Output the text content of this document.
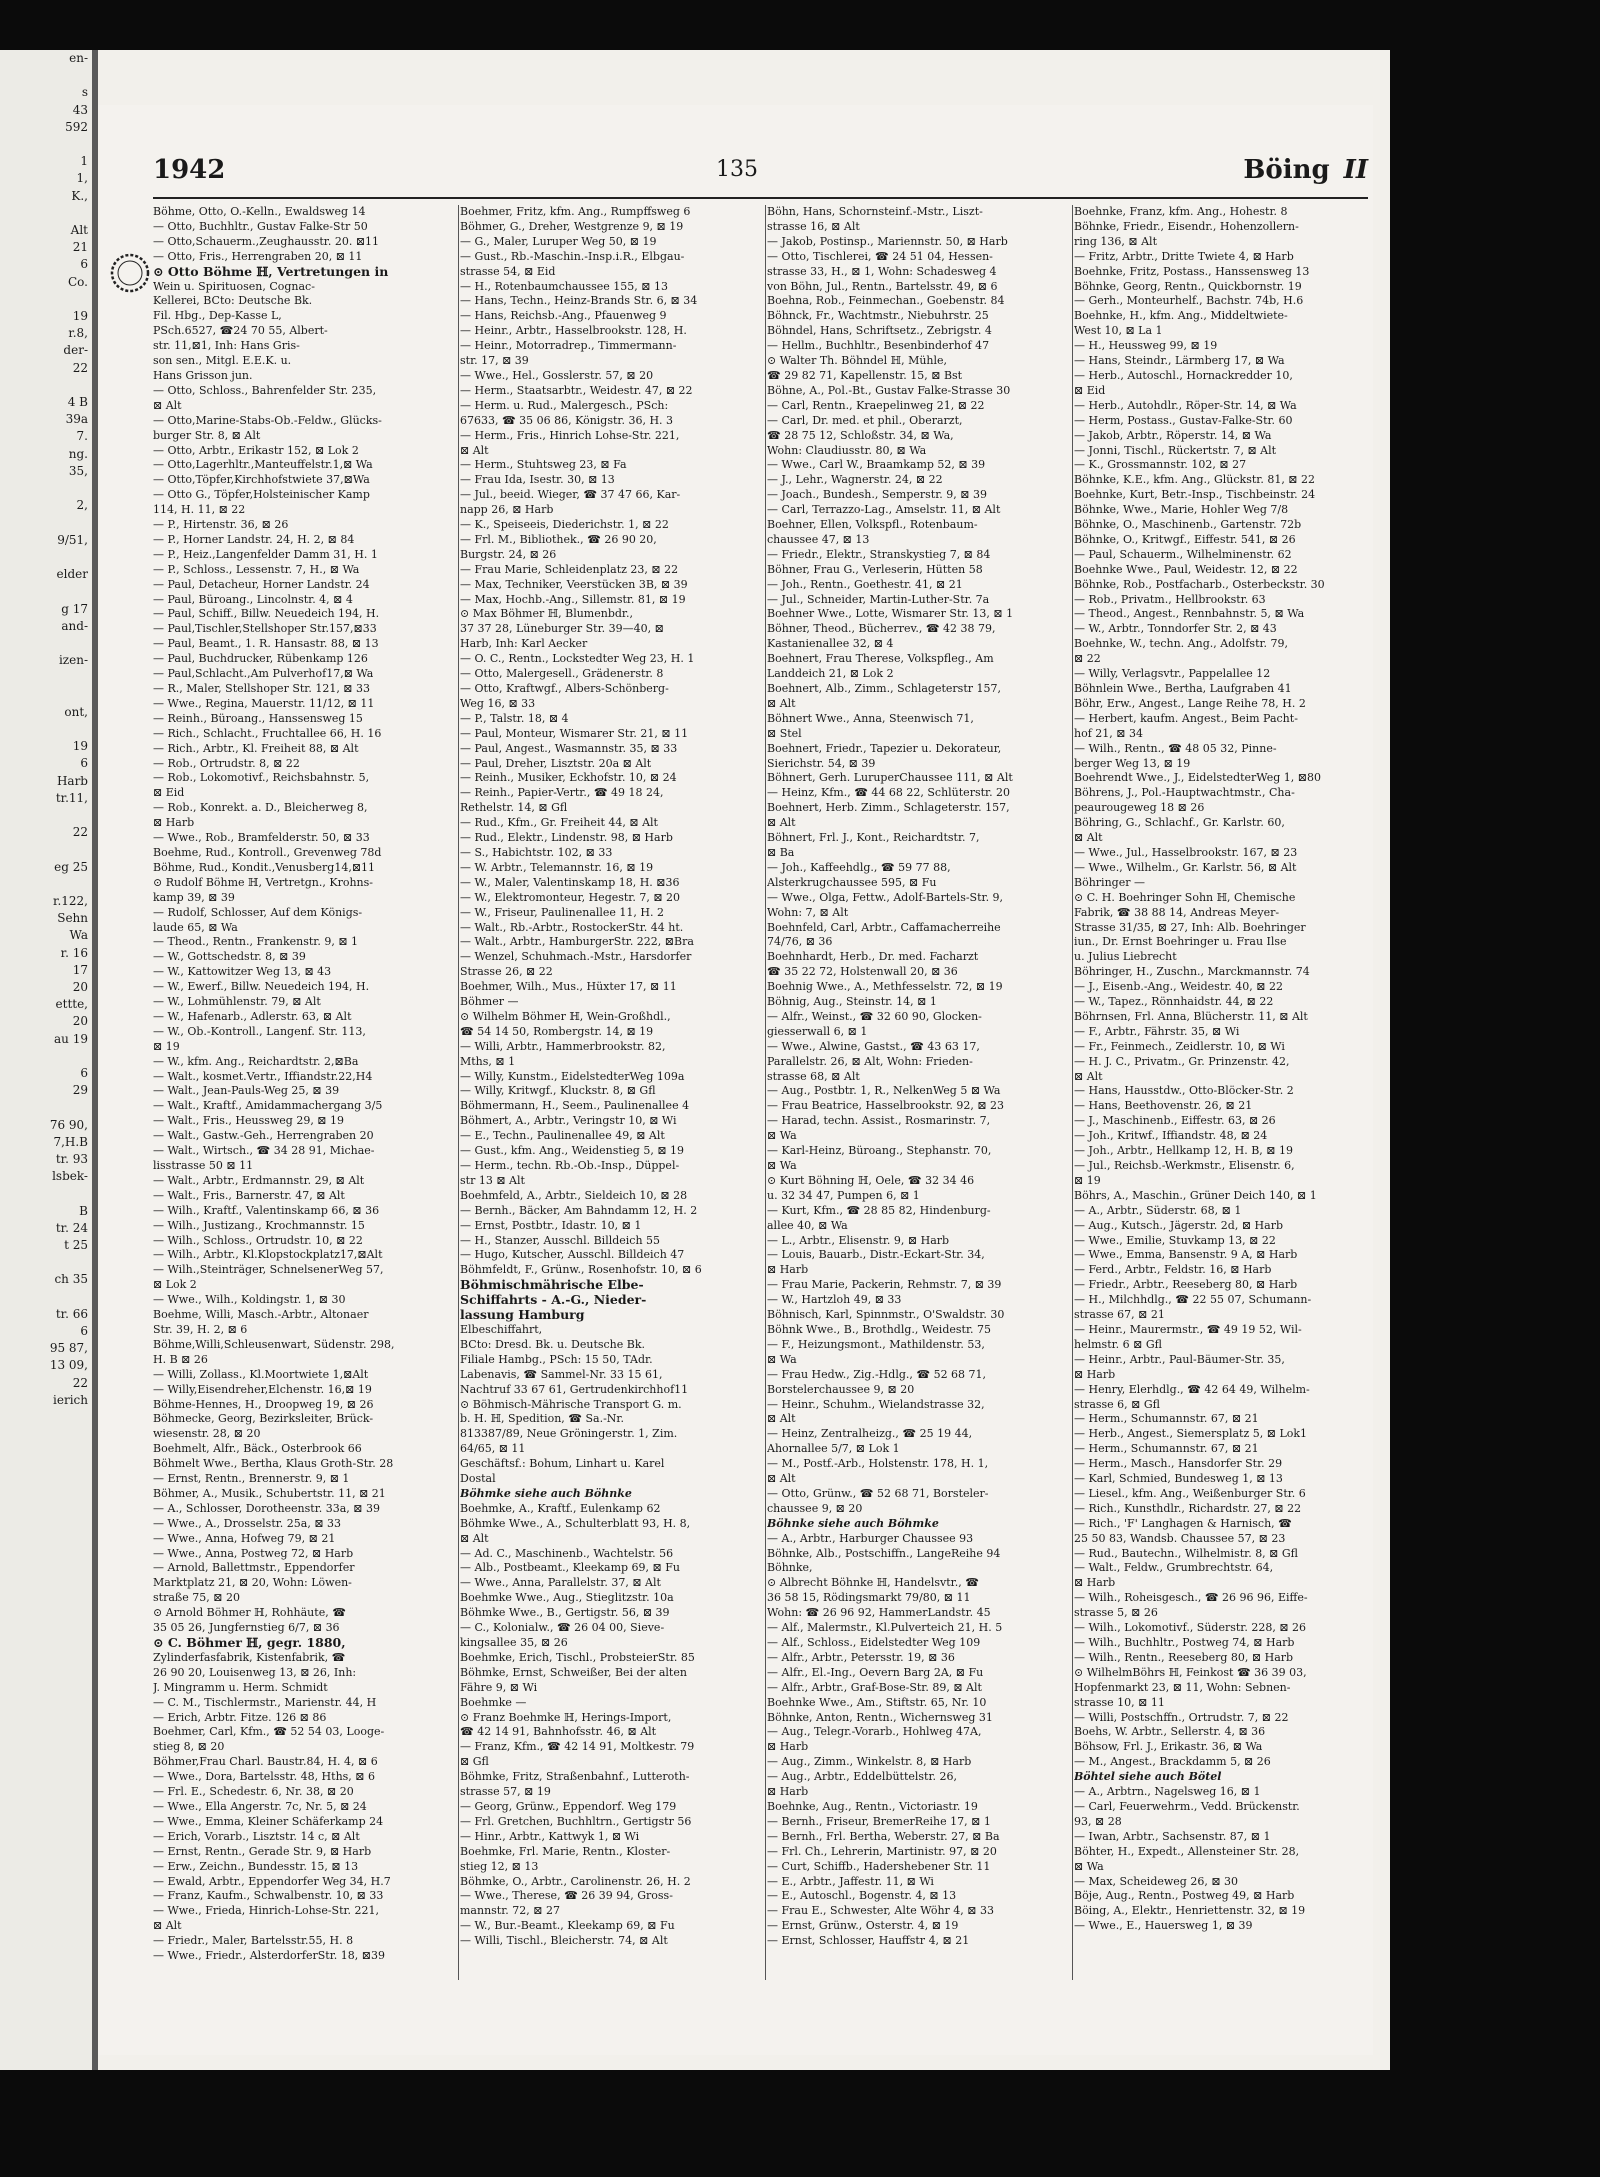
en-

s
43
592

1
1,
K.,

Alt
21
6
Co.

19
r.8,
der-
22

4 B
39a
7.
ng.
35,

2,

9/51,

elder

g 17
and-

izen-

ont,

19
6
Harb
tr.11,

22

eg 25

r.122,
Sehn
Wa
r. 16
17
20
ettte,
20
au 19

6
29

76 90,
7,H.B
tr. 93
lsbek-

B
tr. 24
t 25

ch 35

tr. 66
6
95 87,
13 09,
22
ierich
1942	135	Böing II
Böhme, Otto, O.-Kelln., Ewaldsweg 14
— Otto, Buchhltr., Gustav Falke-Str 50
— Otto,Schauerm.,Zeughausstr. 20. ⊠11
— Otto, Fris., Herrengraben 20, ⊠ 11
⊙ Otto Böhme ℍ, Vertretungen in
Wein u. Spirituosen, Cognac-
Kellerei, BCto: Deutsche Bk.
Fil. Hbg., Dep-Kasse L,
PSch.6527, ☎24 70 55, Albert-
str. 11,⊠1, Inh: Hans Gris-
son sen., Mitgl. E.E.K. u.
Hans Grisson jun.
— Otto, Schloss., Bahrenfelder Str. 235,
⊠ Alt
— Otto,Marine-Stabs-Ob.-Feldw., Glücks-
burger Str. 8, ⊠ Alt
— Otto, Arbtr., Erikastr 152, ⊠ Lok 2
— Otto,Lagerhltr.,Manteuffelstr.1,⊠ Wa
— Otto,Töpfer,Kirchhofstwiete 37,⊠Wa
— Otto G., Töpfer,Holsteinischer Kamp
114, H. 11, ⊠ 22
— P., Hirtenstr. 36, ⊠ 26
— P., Horner Landstr. 24, H. 2, ⊠ 84
— P., Heiz.,Langenfelder Damm 31, H. 1
— P., Schloss., Lessenstr. 7, H., ⊠ Wa
— Paul, Detacheur, Horner Landstr. 24
— Paul, Büroang., Lincolnstr. 4, ⊠ 4
— Paul, Schiff., Billw. Neuedeich 194, H.
— Paul,Tischler,Stellshoper Str.157,⊠33
— Paul, Beamt., 1. R. Hansastr. 88, ⊠ 13
— Paul, Buchdrucker, Rübenkamp 126
— Paul,Schlacht.,Am Pulverhof17,⊠ Wa
— R., Maler, Stellshoper Str. 121, ⊠ 33
— Wwe., Regina, Mauerstr. 11/12, ⊠ 11
— Reinh., Büroang., Hanssensweg 15
— Rich., Schlacht., Fruchtallee 66, H. 16
— Rich., Arbtr., Kl. Freiheit 88, ⊠ Alt
— Rob., Ortrudstr. 8, ⊠ 22
— Rob., Lokomotivf., Reichsbahnstr. 5,
⊠ Eid
— Rob., Konrekt. a. D., Bleicherweg 8,
⊠ Harb
— Wwe., Rob., Bramfelderstr. 50, ⊠ 33
Boehme, Rud., Kontroll., Grevenweg 78d
Böhme, Rud., Kondit.,Venusberg14,⊠11
⊙ Rudolf Böhme ℍ, Vertretgn., Krohns-
kamp 39, ⊠ 39
— Rudolf, Schlosser, Auf dem Königs-
laude 65, ⊠ Wa
— Theod., Rentn., Frankenstr. 9, ⊠ 1
— W., Gottschedstr. 8, ⊠ 39
— W., Kattowitzer Weg 13, ⊠ 43
— W., Ewerf., Billw. Neuedeich 194, H.
— W., Lohmühlenstr. 79, ⊠ Alt
— W., Hafenarb., Adlerstr. 63, ⊠ Alt
— W., Ob.-Kontroll., Langenf. Str. 113,
⊠ 19
— W., kfm. Ang., Reichardtstr. 2,⊠Ba
— Walt., kosmet.Vertr., Iffiandstr.22,H4
— Walt., Jean-Pauls-Weg 25, ⊠ 39
— Walt., Kraftf., Amidammachergang 3/5
— Walt., Fris., Heussweg 29, ⊠ 19
— Walt., Gastw.-Geh., Herrengraben 20
— Walt., Wirtsch., ☎ 34 28 91, Michae-
lisstrasse 50 ⊠ 11
— Walt., Arbtr., Erdmannstr. 29, ⊠ Alt
— Walt., Fris., Barnerstr. 47, ⊠ Alt
— Wilh., Kraftf., Valentinskamp 66, ⊠ 36
— Wilh., Justizang., Krochmannstr. 15
— Wilh., Schloss., Ortrudstr. 10, ⊠ 22
— Wilh., Arbtr., Kl.Klopstockplatz17,⊠Alt
— Wilh.,Steinträger, SchnelsenerWeg 57,
⊠ Lok 2
— Wwe., Wilh., Koldingstr. 1, ⊠ 30
Boehme, Willi, Masch.-Arbtr., Altonaer
Str. 39, H. 2, ⊠ 6
Böhme,Willi,Schleusenwart, Südenstr. 298,
H. B ⊠ 26
— Willi, Zollass., Kl.Moortwiete 1,⊠Alt
— Willy,Eisendreher,Elchenstr. 16,⊠ 19
Böhme-Hennes, H., Droopweg 19, ⊠ 26
Böhmecke, Georg, Bezirksleiter, Brück-
wiesenstr. 28, ⊠ 20
Boehmelt, Alfr., Bäck., Osterbrook 66
Böhmelt Wwe., Bertha, Klaus Groth-Str. 28
— Ernst, Rentn., Brennerstr. 9, ⊠ 1
Böhmer, A., Musik., Schubertstr. 11, ⊠ 21
— A., Schlosser, Dorotheenstr. 33a, ⊠ 39
— Wwe., A., Drosselstr. 25a, ⊠ 33
— Wwe., Anna, Hofweg 79, ⊠ 21
— Wwe., Anna, Postweg 72, ⊠ Harb
— Arnold, Ballettmstr., Eppendorfer
Marktplatz 21, ⊠ 20, Wohn: Löwen-
straße 75, ⊠ 20
⊙ Arnold Böhmer ℍ, Rohhäute, ☎
35 05 26, Jungfernstieg 6/7, ⊠ 36
⊙ C. Böhmer ℍ, gegr. 1880,
Zylinderfasfabrik, Kistenfabrik, ☎
26 90 20, Louisenweg 13, ⊠ 26, Inh:
J. Mingramm u. Herm. Schmidt
— C. M., Tischlermstr., Marienstr. 44, H
— Erich, Arbtr. Fitze. 126 ⊠ 86
Boehmer, Carl, Kfm., ☎ 52 54 03, Looge-
stieg 8, ⊠ 20
Böhmer,Frau Charl. Baustr.84, H. 4, ⊠ 6
— Wwe., Dora, Bartelsstr. 48, Hths, ⊠ 6
— Frl. E., Schedestr. 6, Nr. 38, ⊠ 20
— Wwe., Ella Angerstr. 7c, Nr. 5, ⊠ 24
— Wwe., Emma, Kleiner Schäferkamp 24
— Erich, Vorarb., Lisztstr. 14 c, ⊠ Alt
— Ernst, Rentn., Gerade Str. 9, ⊠ Harb
— Erw., Zeichn., Bundesstr. 15, ⊠ 13
— Ewald, Arbtr., Eppendorfer Weg 34, H.7
— Franz, Kaufm., Schwalbenstr. 10, ⊠ 33
— Wwe., Frieda, Hinrich-Lohse-Str. 221,
⊠ Alt
— Friedr., Maler, Bartelsstr.55, H. 8
— Wwe., Friedr., AlsterdorferStr. 18, ⊠39
Boehmer, Fritz, kfm. Ang., Rumpffsweg 6
Böhmer, G., Dreher, Westgrenze 9, ⊠ 19
— G., Maler, Luruper Weg 50, ⊠ 19
— Gust., Rb.-Maschin.-Insp.i.R., Elbgau-
strasse 54, ⊠ Eid
— H., Rotenbaumchaussee 155, ⊠ 13
— Hans, Techn., Heinz-Brands Str. 6, ⊠ 34
— Hans, Reichsb.-Ang., Pfauenweg 9
— Heinr., Arbtr., Hasselbrookstr. 128, H.
— Heinr., Motorradrep., Timmermann-
str. 17, ⊠ 39
— Wwe., Hel., Gosslerstr. 57, ⊠ 20
— Herm., Staatsarbtr., Weidestr. 47, ⊠ 22
— Herm. u. Rud., Malergesch., PSch:
67633, ☎ 35 06 86, Königstr. 36, H. 3
— Herm., Fris., Hinrich Lohse-Str. 221,
⊠ Alt
— Herm., Stuhtsweg 23, ⊠ Fa
— Frau Ida, Isestr. 30, ⊠ 13
— Jul., beeid. Wieger, ☎ 37 47 66, Kar-
napp 26, ⊠ Harb
— K., Speiseeis, Diederichstr. 1, ⊠ 22
— Frl. M., Bibliothek., ☎ 26 90 20,
Burgstr. 24, ⊠ 26
— Frau Marie, Schleidenplatz 23, ⊠ 22
— Max, Techniker, Veerstücken 3B, ⊠ 39
— Max, Hochb.-Ang., Sillemstr. 81, ⊠ 19
⊙ Max Böhmer ℍ, Blumenbdr.,
37 37 28, Lüneburger Str. 39—40, ⊠
Harb, Inh: Karl Aecker
— O. C., Rentn., Lockstedter Weg 23, H. 1
— Otto, Malergesell., Grädenerstr. 8
— Otto, Kraftwgf., Albers-Schönberg-
Weg 16, ⊠ 33
— P., Talstr. 18, ⊠ 4
— Paul, Monteur, Wismarer Str. 21, ⊠ 11
— Paul, Angest., Wasmannstr. 35, ⊠ 33
— Paul, Dreher, Lisztstr. 20a ⊠ Alt
— Reinh., Musiker, Eckhofstr. 10, ⊠ 24
— Reinh., Papier-Vertr., ☎ 49 18 24,
Rethelstr. 14, ⊠ Gfl
— Rud., Kfm., Gr. Freiheit 44, ⊠ Alt
— Rud., Elektr., Lindenstr. 98, ⊠ Harb
— S., Habichtstr. 102, ⊠ 33
— W. Arbtr., Telemannstr. 16, ⊠ 19
— W., Maler, Valentinskamp 18, H. ⊠36
— W., Elektromonteur, Hegestr. 7, ⊠ 20
— W., Friseur, Paulinenallee 11, H. 2
— Walt., Rb.-Arbtr., RostockerStr. 44 ht.
— Walt., Arbtr., HamburgerStr. 222, ⊠Bra
— Wenzel, Schuhmach.-Mstr., Harsdorfer
Strasse 26, ⊠ 22
Boehmer, Wilh., Mus., Hüxter 17, ⊠ 11
Böhmer —
⊙ Wilhelm Böhmer ℍ, Wein-Großhdl.,
☎ 54 14 50, Rombergstr. 14, ⊠ 19
— Willi, Arbtr., Hammerbrookstr. 82,
Mths, ⊠ 1
— Willy, Kunstm., EidelstedterWeg 109a
— Willy, Kritwgf., Kluckstr. 8, ⊠ Gfl
Böhmermann, H., Seem., Paulinenallee 4
Böhmert, A., Arbtr., Veringstr 10, ⊠ Wi
— E., Techn., Paulinenallee 49, ⊠ Alt
— Gust., kfm. Ang., Weidenstieg 5, ⊠ 19
— Herm., techn. Rb.-Ob.-Insp., Düppel-
str 13 ⊠ Alt
Boehmfeld, A., Arbtr., Sieldeich 10, ⊠ 28
— Bernh., Bäcker, Am Bahndamm 12, H. 2
— Ernst, Postbtr., Idastr. 10, ⊠ 1
— H., Stanzer, Ausschl. Billdeich 55
— Hugo, Kutscher, Ausschl. Billdeich 47
Böhmfeldt, F., Grünw., Rosenhofstr. 10, ⊠ 6
Böhmischmährische Elbe-
Schiffahrts - A.-G., Nieder-
lassung Hamburg
Elbeschiffahrt,
BCto: Dresd. Bk. u. Deutsche Bk.
Filiale Hambg., PSch: 15 50, TAdr.
Labenavis, ☎ Sammel-Nr. 33 15 61,
Nachtruf 33 67 61, Gertrudenkirchhof11
⊙ Böhmisch-Mährische Transport G. m.
b. H. ℍ, Spedition, ☎ Sa.-Nr.
813387/89, Neue Gröningerstr. 1, Zim.
64/65, ⊠ 11
Geschäftsf.: Bohum, Linhart u. Karel
Dostal
Böhmke siehe auch Böhnke
Boehmke, A., Kraftf., Eulenkamp 62
Böhmke Wwe., A., Schulterblatt 93, H. 8,
⊠ Alt
— Ad. C., Maschinenb., Wachtelstr. 56
— Alb., Postbeamt., Kleekamp 69, ⊠ Fu
— Wwe., Anna, Parallelstr. 37, ⊠ Alt
Boehmke Wwe., Aug., Stieglitzstr. 10a
Böhmke Wwe., B., Gertigstr. 56, ⊠ 39
— C., Kolonialw., ☎ 26 04 00, Sieve-
kingsallee 35, ⊠ 26
Boehmke, Erich, Tischl., ProbsteierStr. 85
Böhmke, Ernst, Schweißer, Bei der alten
Fähre 9, ⊠ Wi
Boehmke —
⊙ Franz Boehmke ℍ, Herings-Import,
☎ 42 14 91, Bahnhofsstr. 46, ⊠ Alt
— Franz, Kfm., ☎ 42 14 91, Moltkestr. 79
⊠ Gfl
Böhmke, Fritz, Straßenbahnf., Lutteroth-
strasse 57, ⊠ 19
— Georg, Grünw., Eppendorf. Weg 179
— Frl. Gretchen, Buchhltrn., Gertigstr 56
— Hinr., Arbtr., Kattwyk 1, ⊠ Wi
Boehmke, Frl. Marie, Rentn., Kloster-
stieg 12, ⊠ 13
Böhmke, O., Arbtr., Carolinenstr. 26, H. 2
— Wwe., Therese, ☎ 26 39 94, Gross-
mannstr. 72, ⊠ 27
— W., Bur.-Beamt., Kleekamp 69, ⊠ Fu
— Willi, Tischl., Bleicherstr. 74, ⊠ Alt
Böhn, Hans, Schornsteinf.-Mstr., Liszt-
strasse 16, ⊠ Alt
— Jakob, Postinsp., Mariennstr. 50, ⊠ Harb
— Otto, Tischlerei, ☎ 24 51 04, Hessen-
strasse 33, H., ⊠ 1, Wohn: Schadesweg 4
von Böhn, Jul., Rentn., Bartelsstr. 49, ⊠ 6
Boehna, Rob., Feinmechan., Goebenstr. 84
Böhnck, Fr., Wachtmstr., Niebuhrstr. 25
Böhndel, Hans, Schriftsetz., Zebrigstr. 4
— Hellm., Buchhltr., Besenbinderhof 47
⊙ Walter Th. Böhndel ℍ, Mühle,
☎ 29 82 71, Kapellenstr. 15, ⊠ Bst
Böhne, A., Pol.-Bt., Gustav Falke-Strasse 30
— Carl, Rentn., Kraepelinweg 21, ⊠ 22
— Carl, Dr. med. et phil., Oberarzt,
☎ 28 75 12, Schloßstr. 34, ⊠ Wa,
Wohn: Claudiusstr. 80, ⊠ Wa
— Wwe., Carl W., Braamkamp 52, ⊠ 39
— J., Lehr., Wagnerstr. 24, ⊠ 22
— Joach., Bundesh., Semperstr. 9, ⊠ 39
— Carl, Terrazzo-Lag., Amselstr. 11, ⊠ Alt
Boehner, Ellen, Volkspfl., Rotenbaum-
chaussee 47, ⊠ 13
— Friedr., Elektr., Stranskystieg 7, ⊠ 84
Böhner, Frau G., Verleserin, Hütten 58
— Joh., Rentn., Goethestr. 41, ⊠ 21
— Jul., Schneider, Martin-Luther-Str. 7a
Boehner Wwe., Lotte, Wismarer Str. 13, ⊠ 1
Böhner, Theod., Bücherrev., ☎ 42 38 79,
Kastanienallee 32, ⊠ 4
Boehnert, Frau Therese, Volkspfleg., Am
Landdeich 21, ⊠ Lok 2
Boehnert, Alb., Zimm., Schlageterstr 157,
⊠ Alt
Böhnert Wwe., Anna, Steenwisch 71,
⊠ Stel
Boehnert, Friedr., Tapezier u. Dekorateur,
Sierichstr. 54, ⊠ 39
Böhnert, Gerh. LuruperChaussee 111, ⊠ Alt
— Heinz, Kfm., ☎ 44 68 22, Schlüterstr. 20
Boehnert, Herb. Zimm., Schlageterstr. 157,
⊠ Alt
Böhnert, Frl. J., Kont., Reichardtstr. 7,
⊠ Ba
— Joh., Kaffeehdlg., ☎ 59 77 88,
Alsterkrugchaussee 595, ⊠ Fu
— Wwe., Olga, Fettw., Adolf-Bartels-Str. 9,
Wohn: 7, ⊠ Alt
Boehnfeld, Carl, Arbtr., Caffamacherreihe
74/76, ⊠ 36
Boehnhardt, Herb., Dr. med. Facharzt
☎ 35 22 72, Holstenwall 20, ⊠ 36
Boehnig Wwe., A., Methfesselstr. 72, ⊠ 19
Böhnig, Aug., Steinstr. 14, ⊠ 1
— Alfr., Weinst., ☎ 32 60 90, Glocken-
giesserwall 6, ⊠ 1
— Wwe., Alwine, Gastst., ☎ 43 63 17,
Parallelstr. 26, ⊠ Alt, Wohn: Frieden-
strasse 68, ⊠ Alt
— Aug., Postbtr. 1, R., NelkenWeg 5 ⊠ Wa
— Frau Beatrice, Hasselbrookstr. 92, ⊠ 23
— Harad, techn. Assist., Rosmarinstr. 7,
⊠ Wa
— Karl-Heinz, Büroang., Stephanstr. 70,
⊠ Wa
⊙ Kurt Böhning ℍ, Oele, ☎ 32 34 46
u. 32 34 47, Pumpen 6, ⊠ 1
— Kurt, Kfm., ☎ 28 85 82, Hindenburg-
allee 40, ⊠ Wa
— L., Arbtr., Elisenstr. 9, ⊠ Harb
— Louis, Bauarb., Distr.-Eckart-Str. 34,
⊠ Harb
— Frau Marie, Packerin, Rehmstr. 7, ⊠ 39
— W., Hartzloh 49, ⊠ 33
Böhnisch, Karl, Spinnmstr., O'Swaldstr. 30
Böhnk Wwe., B., Brothdlg., Weidestr. 75
— F., Heizungsmont., Mathildenstr. 53,
⊠ Wa
— Frau Hedw., Zig.-Hdlg., ☎ 52 68 71,
Borstelerchaussee 9, ⊠ 20
— Heinr., Schuhm., Wielandstrasse 32,
⊠ Alt
— Heinz, Zentralheizg., ☎ 25 19 44,
Ahornallee 5/7, ⊠ Lok 1
— M., Postf.-Arb., Holstenstr. 178, H. 1,
⊠ Alt
— Otto, Grünw., ☎ 52 68 71, Borsteler-
chaussee 9, ⊠ 20
Böhnke siehe auch Böhmke
— A., Arbtr., Harburger Chaussee 93
Böhnke, Alb., Postschiffn., LangeReihe 94
Böhnke,
⊙ Albrecht Böhnke ℍ, Handelsvtr., ☎
36 58 15, Rödingsmarkt 79/80, ⊠ 11
Wohn: ☎ 26 96 92, HammerLandstr. 45
— Alf., Malermstr., Kl.Pulverteich 21, H. 5
— Alf., Schloss., Eidelstedter Weg 109
— Alfr., Arbtr., Petersstr. 19, ⊠ 36
— Alfr., El.-Ing., Oevern Barg 2A, ⊠ Fu
— Alfr., Arbtr., Graf-Bose-Str. 89, ⊠ Alt
Boehnke Wwe., Am., Stiftstr. 65, Nr. 10
Böhnke, Anton, Rentn., Wichernsweg 31
— Aug., Telegr.-Vorarb., Hohlweg 47A,
⊠ Harb
— Aug., Zimm., Winkelstr. 8, ⊠ Harb
— Aug., Arbtr., Eddelbüttelstr. 26,
⊠ Harb
Boehnke, Aug., Rentn., Victoriastr. 19
— Bernh., Friseur, BremerReihe 17, ⊠ 1
— Bernh., Frl. Bertha, Weberstr. 27, ⊠ Ba
— Frl. Ch., Lehrerin, Martinistr. 97, ⊠ 20
— Curt, Schiffb., Hadershebener Str. 11
— E., Arbtr., Jaffestr. 11, ⊠ Wi
— E., Autoschl., Bogenstr. 4, ⊠ 13
— Frau E., Schwester, Alte Wöhr 4, ⊠ 33
— Ernst, Grünw., Osterstr. 4, ⊠ 19
— Ernst, Schlosser, Hauffstr 4, ⊠ 21
Boehnke, Franz, kfm. Ang., Hohestr. 8
Böhnke, Friedr., Eisendr., Hohenzollern-
ring 136, ⊠ Alt
— Fritz, Arbtr., Dritte Twiete 4, ⊠ Harb
Boehnke, Fritz, Postass., Hanssensweg 13
Böhnke, Georg, Rentn., Quickbornstr. 19
— Gerh., Monteurhelf., Bachstr. 74b, H.6
Boehnke, H., kfm. Ang., Middeltwiete-
West 10, ⊠ La 1
— H., Heussweg 99, ⊠ 19
— Hans, Steindr., Lärmberg 17, ⊠ Wa
— Herb., Autoschl., Hornackredder 10,
⊠ Eid
— Herb., Autohdlr., Röper-Str. 14, ⊠ Wa
— Herm, Postass., Gustav-Falke-Str. 60
— Jakob, Arbtr., Röperstr. 14, ⊠ Wa
— Jonni, Tischl., Rückertstr. 7, ⊠ Alt
— K., Grossmannstr. 102, ⊠ 27
Böhnke, K.E., kfm. Ang., Glückstr. 81, ⊠ 22
Boehnke, Kurt, Betr.-Insp., Tischbeinstr. 24
Böhnke, Wwe., Marie, Hohler Weg 7/8
Böhnke, O., Maschinenb., Gartenstr. 72b
Böhnke, O., Kritwgf., Eiffestr. 541, ⊠ 26
— Paul, Schauerm., Wilhelminenstr. 62
Boehnke Wwe., Paul, Weidestr. 12, ⊠ 22
Böhnke, Rob., Postfacharb., Osterbeckstr. 30
— Rob., Privatm., Hellbrookstr. 63
— Theod., Angest., Rennbahnstr. 5, ⊠ Wa
— W., Arbtr., Tonndorfer Str. 2, ⊠ 43
Boehnke, W., techn. Ang., Adolfstr. 79,
⊠ 22
— Willy, Verlagsvtr., Pappelallee 12
Böhnlein Wwe., Bertha, Laufgraben 41
Böhr, Erw., Angest., Lange Reihe 78, H. 2
— Herbert, kaufm. Angest., Beim Pacht-
hof 21, ⊠ 34
— Wilh., Rentn., ☎ 48 05 32, Pinne-
berger Weg 13, ⊠ 19
Boehrendt Wwe., J., EidelstedterWeg 1, ⊠80
Böhrens, J., Pol.-Hauptwachtmstr., Cha-
peaurougeweg 18 ⊠ 26
Böhring, G., Schlachf., Gr. Karlstr. 60,
⊠ Alt
— Wwe., Jul., Hasselbrookstr. 167, ⊠ 23
— Wwe., Wilhelm., Gr. Karlstr. 56, ⊠ Alt
Böhringer —
⊙ C. H. Boehringer Sohn ℍ, Chemische
Fabrik, ☎ 38 88 14, Andreas Meyer-
Strasse 31/35, ⊠ 27, Inh: Alb. Boehringer
iun., Dr. Ernst Boehringer u. Frau Ilse
u. Julius Liebrecht
Böhringer, H., Zuschn., Marckmannstr. 74
— J., Eisenb.-Ang., Weidestr. 40, ⊠ 22
— W., Tapez., Rönnhaidstr. 44, ⊠ 22
Böhrnsen, Frl. Anna, Blücherstr. 11, ⊠ Alt
— F., Arbtr., Fährstr. 35, ⊠ Wi
— Fr., Feinmech., Zeidlerstr. 10, ⊠ Wi
— H. J. C., Privatm., Gr. Prinzenstr. 42,
⊠ Alt
— Hans, Hausstdw., Otto-Blöcker-Str. 2
— Hans, Beethovenstr. 26, ⊠ 21
— J., Maschinenb., Eiffestr. 63, ⊠ 26
— Joh., Kritwf., Iffiandstr. 48, ⊠ 24
— Joh., Arbtr., Hellkamp 12, H. B, ⊠ 19
— Jul., Reichsb.-Werkmstr., Elisenstr. 6,
⊠ 19
Böhrs, A., Maschin., Grüner Deich 140, ⊠ 1
— A., Arbtr., Süderstr. 68, ⊠ 1
— Aug., Kutsch., Jägerstr. 2d, ⊠ Harb
— Wwe., Emilie, Stuvkamp 13, ⊠ 22
— Wwe., Emma, Bansenstr. 9 A, ⊠ Harb
— Ferd., Arbtr., Feldstr. 16, ⊠ Harb
— Friedr., Arbtr., Reeseberg 80, ⊠ Harb
— H., Milchhdlg., ☎ 22 55 07, Schumann-
strasse 67, ⊠ 21
— Heinr., Maurermstr., ☎ 49 19 52, Wil-
helmstr. 6 ⊠ Gfl
— Heinr., Arbtr., Paul-Bäumer-Str. 35,
⊠ Harb
— Henry, Elerhdlg., ☎ 42 64 49, Wilhelm-
strasse 6, ⊠ Gfl
— Herm., Schumannstr. 67, ⊠ 21
— Herb., Angest., Siemersplatz 5, ⊠ Lok1
— Herm., Schumannstr. 67, ⊠ 21
— Herm., Masch., Hansdorfer Str. 29
— Karl, Schmied, Bundesweg 1, ⊠ 13
— Liesel., kfm. Ang., Weißenburger Str. 6
— Rich., Kunsthdlr., Richardstr. 27, ⊠ 22
— Rich., 'F' Langhagen & Harnisch, ☎
25 50 83, Wandsb. Chaussee 57, ⊠ 23
— Rud., Bautechn., Wilhelmistr. 8, ⊠ Gfl
— Walt., Feldw., Grumbrechtstr. 64,
⊠ Harb
— Wilh., Roheisgesch., ☎ 26 96 96, Eiffe-
strasse 5, ⊠ 26
— Wilh., Lokomotivf., Süderstr. 228, ⊠ 26
— Wilh., Buchhltr., Postweg 74, ⊠ Harb
— Wilh., Rentn., Reeseberg 80, ⊠ Harb
⊙ WilhelmBöhrs ℍ, Feinkost ☎ 36 39 03,
Hopfenmarkt 23, ⊠ 11, Wohn: Sebnen-
strasse 10, ⊠ 11
— Willi, Postschffn., Ortrudstr. 7, ⊠ 22
Boehs, W. Arbtr., Sellerstr. 4, ⊠ 36
Böhsow, Frl. J., Erikastr. 36, ⊠ Wa
— M., Angest., Brackdamm 5, ⊠ 26
Böhtel siehe auch Bötel
— A., Arbtrn., Nagelsweg 16, ⊠ 1
— Carl, Feuerwehrm., Vedd. Brückenstr.
93, ⊠ 28
— Iwan, Arbtr., Sachsenstr. 87, ⊠ 1
Böhter, H., Expedt., Allensteiner Str. 28,
⊠ Wa
— Max, Scheideweg 26, ⊠ 30
Böje, Aug., Rentn., Postweg 49, ⊠ Harb
Böing, A., Elektr., Henriettenstr. 32, ⊠ 19
— Wwe., E., Hauersweg 1, ⊠ 39
